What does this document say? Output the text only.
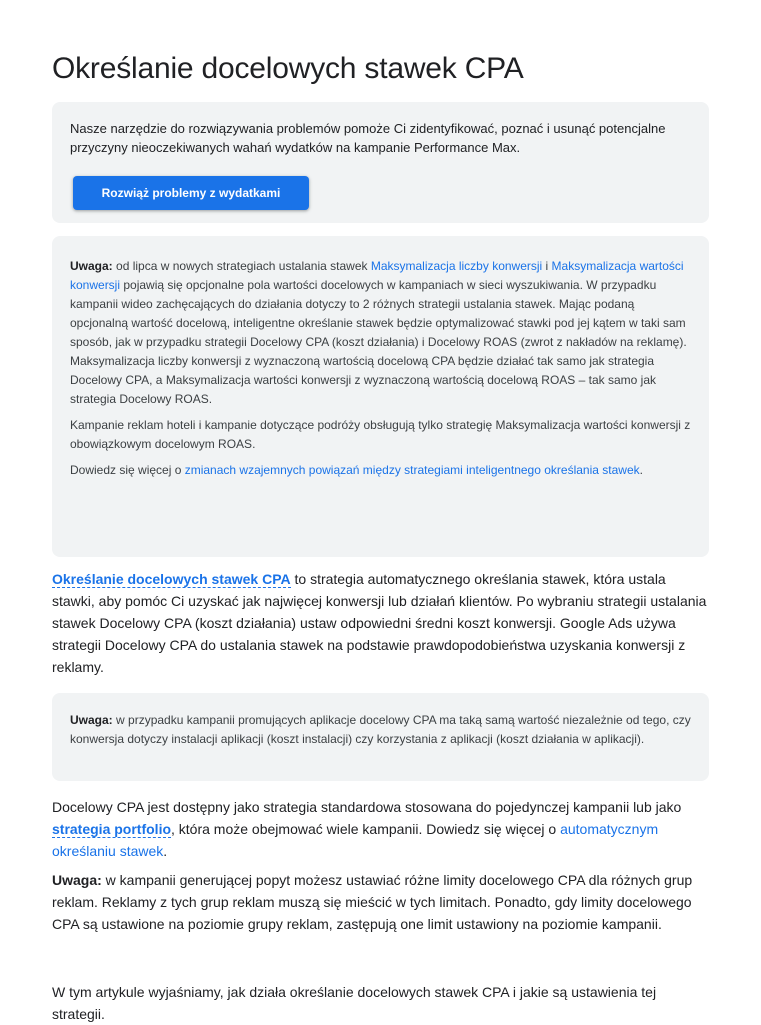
Określanie docelowych stawek CPA

Nasze narzędzie do rozwiązywania problemów pomoże Ci zidentyfikować, poznać i usunąć potencjalne przyczyny nieoczekiwanych wahań wydatków na kampanie Performance Max.

Rozwiąż problemy z wydatkami

Uwaga: od lipca w nowych strategiach ustalania stawek Maksymalizacja liczby konwersji i Maksymalizacja wartości konwersji pojawią się opcjonalne pola wartości docelowych w kampaniach w sieci wyszukiwania. W przypadku kampanii wideo zachęcających do działania dotyczy to 2 różnych strategii ustalania stawek. Mając podaną opcjonalną wartość docelową, inteligentne określanie stawek będzie optymalizować stawki pod jej kątem w taki sam sposób, jak w przypadku strategii Docelowy CPA (koszt działania) i Docelowy ROAS (zwrot z nakładów na reklamę). Maksymalizacja liczby konwersji z wyznaczoną wartością docelową CPA będzie działać tak samo jak strategia Docelowy CPA, a Maksymalizacja wartości konwersji z wyznaczoną wartością docelową ROAS – tak samo jak strategia Docelowy ROAS.

Kampanie reklam hoteli i kampanie dotyczące podróży obsługują tylko strategię Maksymalizacja wartości konwersji z obowiązkowym docelowym ROAS.

Dowiedz się więcej o zmianach wzajemnych powiązań między strategiami inteligentnego określania stawek.

Określanie docelowych stawek CPA to strategia automatycznego określania stawek, która ustala stawki, aby pomóc Ci uzyskać jak najwięcej konwersji lub działań klientów. Po wybraniu strategii ustalania stawek Docelowy CPA (koszt działania) ustaw odpowiedni średni koszt konwersji. Google Ads używa strategii Docelowy CPA do ustalania stawek na podstawie prawdopodobieństwa uzyskania konwersji z reklamy.

Uwaga: w przypadku kampanii promujących aplikacje docelowy CPA ma taką samą wartość niezależnie od tego, czy konwersja dotyczy instalacji aplikacji (koszt instalacji) czy korzystania z aplikacji (koszt działania w aplikacji).

Docelowy CPA jest dostępny jako strategia standardowa stosowana do pojedynczej kampanii lub jako strategia portfolio, która może obejmować wiele kampanii. Dowiedz się więcej o automatycznym określaniu stawek.

Uwaga: w kampanii generującej popyt możesz ustawiać różne limity docelowego CPA dla różnych grup reklam. Reklamy z tych grup reklam muszą się mieścić w tych limitach. Ponadto, gdy limity docelowego CPA są ustawione na poziomie grupy reklam, zastępują one limit ustawiony na poziomie kampanii.

W tym artykule wyjaśniamy, jak działa określanie docelowych stawek CPA i jakie są ustawienia tej strategii.
